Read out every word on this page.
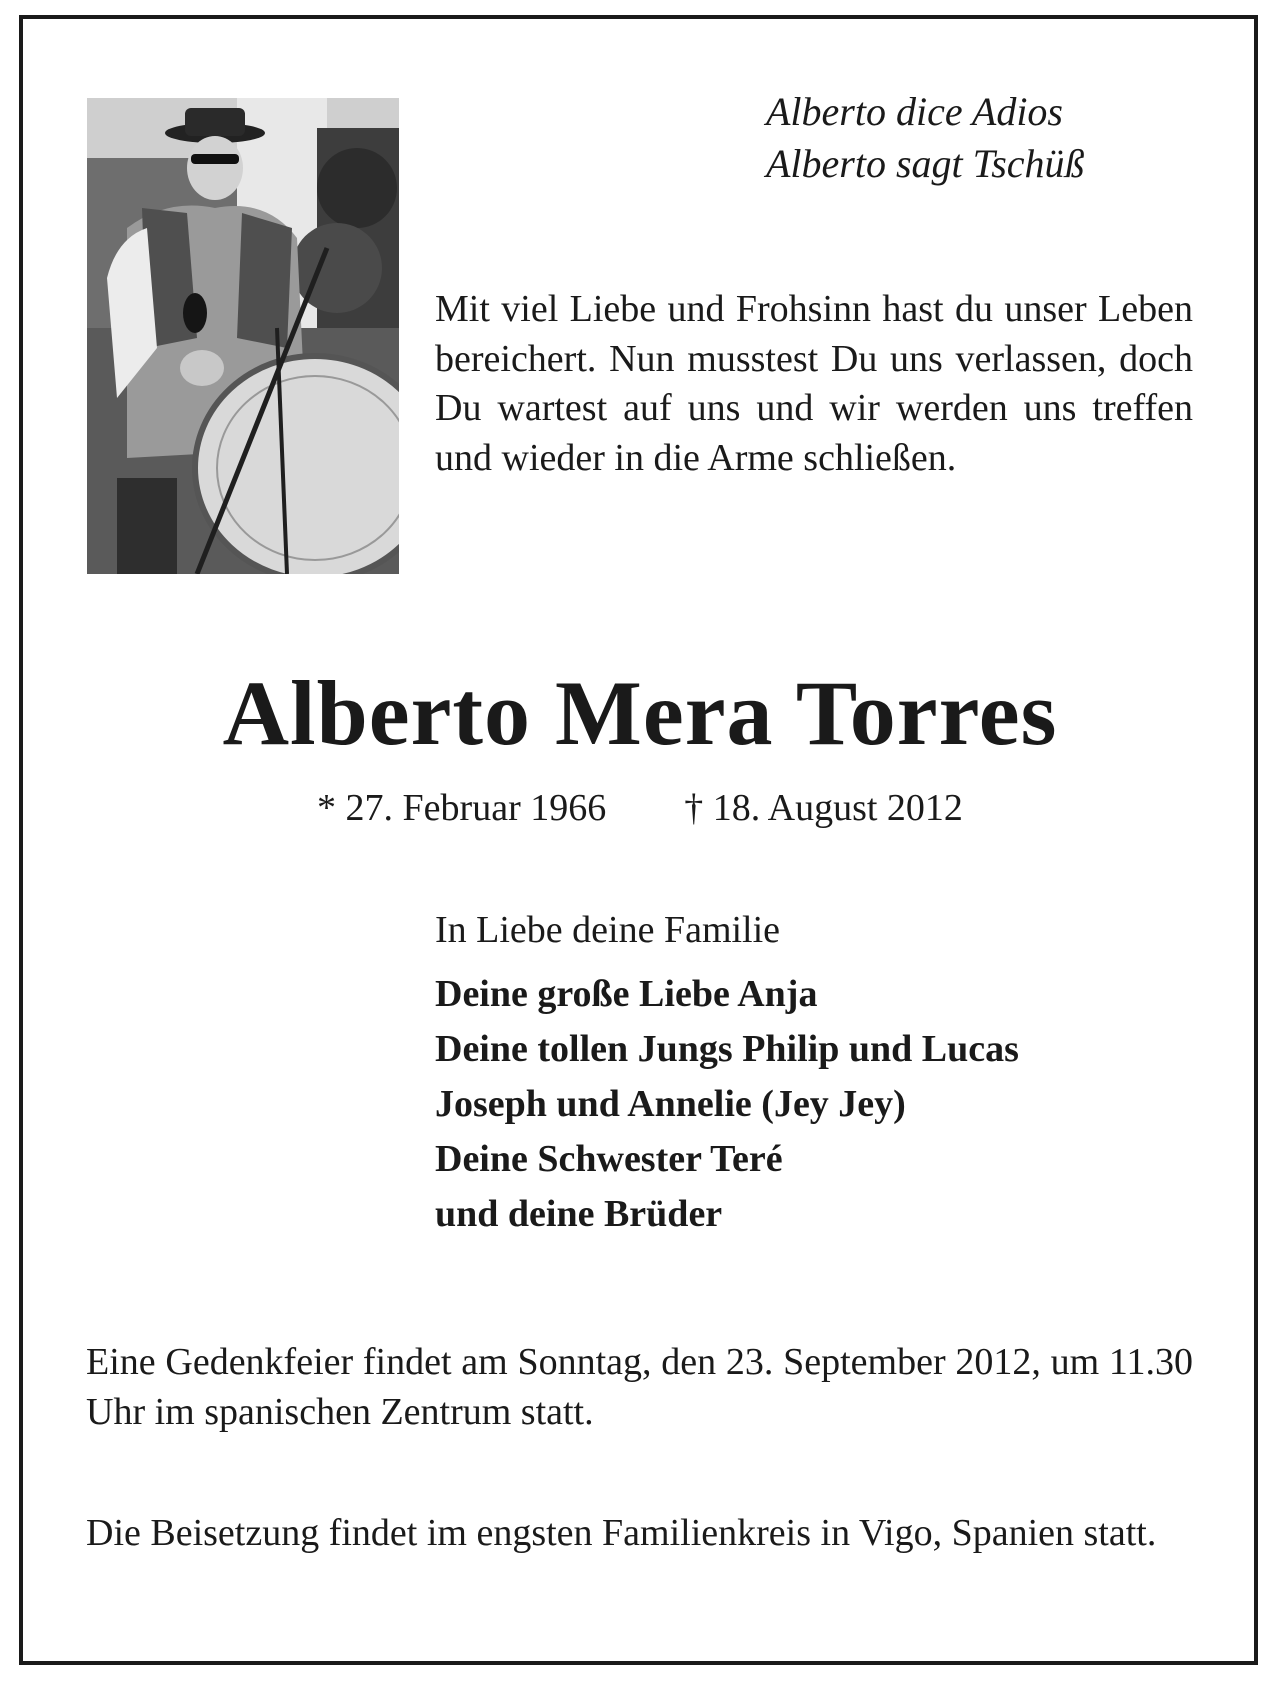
Alberto dice Adios
Alberto sagt Tschüß

Mit viel Liebe und Frohsinn hast du unser Leben bereichert. Nun musstest Du uns verlassen, doch Du wartest auf uns und wir werden uns treffen und wieder in die Arme schließen.

Alberto Mera Torres
* 27. Februar 1966 † 18. August 2012
In Liebe deine Familie
Deine große Liebe Anja
Deine tollen Jungs Philip und Lucas
Joseph und Annelie (Jey Jey)
Deine Schwester Teré
und deine Brüder

Eine Gedenkfeier findet am Sonntag, den 23. September 2012, um 11.30 Uhr im spanischen Zentrum statt.

Die Beisetzung findet im engsten Familienkreis in Vigo, Spanien statt.
